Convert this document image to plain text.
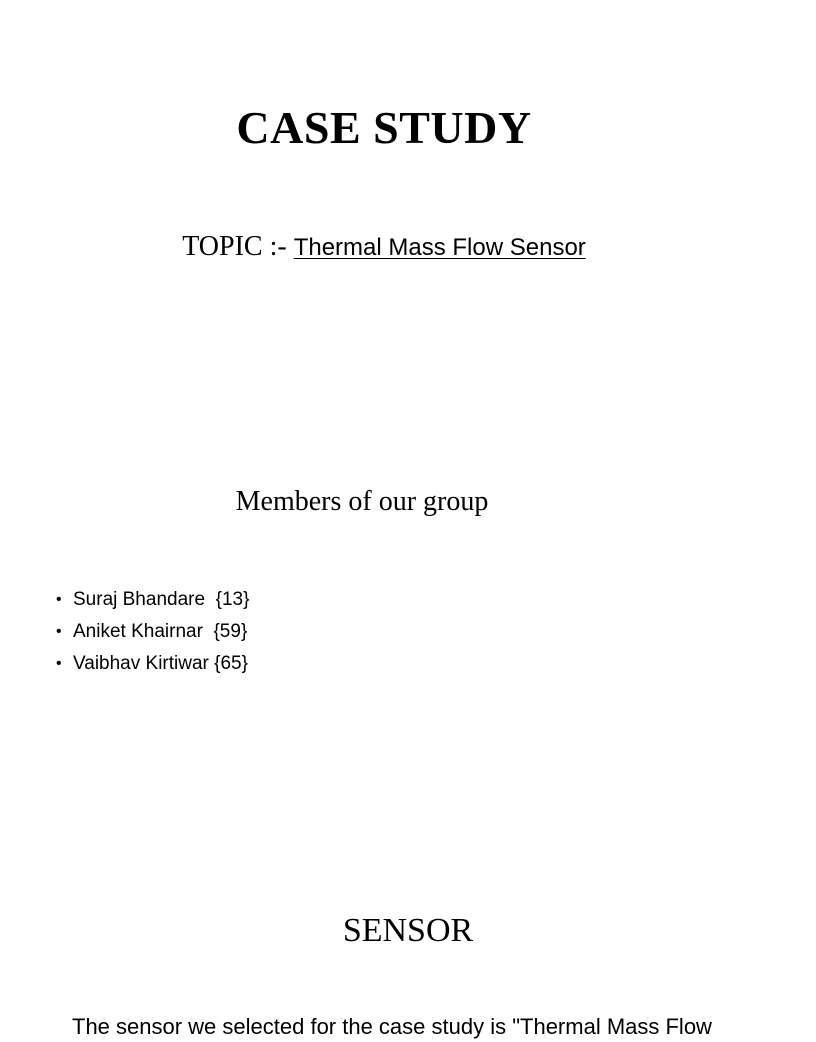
CASE STUDY
TOPIC :- Thermal Mass Flow Sensor
Members of our group
• Suraj Bhandare  {13}
• Aniket Khairnar  {59}
• Vaibhav Kirtiwar {65}
SENSOR

The sensor we selected for the case study is "Thermal Mass Flow
